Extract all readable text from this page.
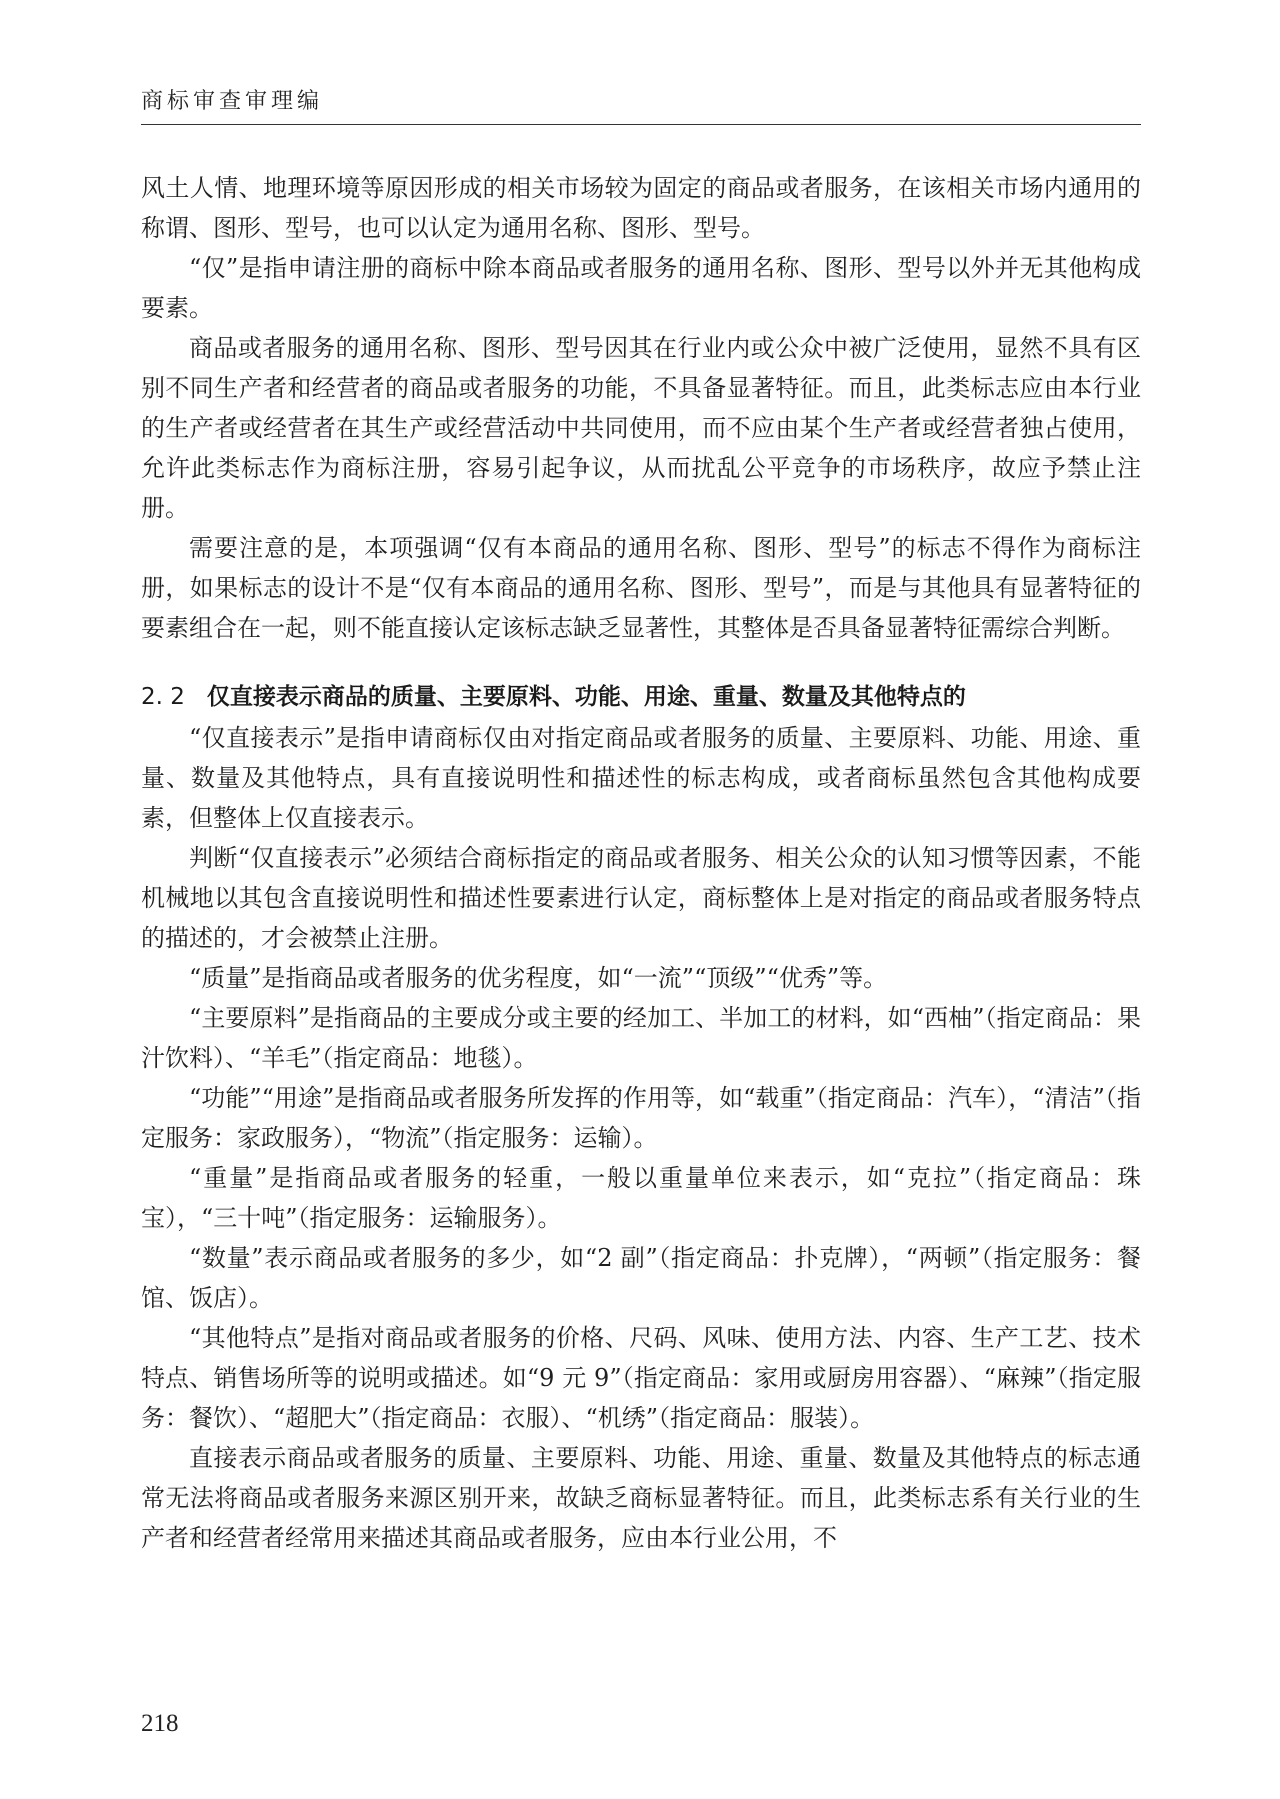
商标审查审理编

风土人情、地理环境等原因形成的相关市场较为固定的商品或者服务，在该相关市场内通用的称谓、图形、型号，也可以认定为通用名称、图形、型号。

“仅”是指申请注册的商标中除本商品或者服务的通用名称、图形、型号以外并无其他构成要素。

商品或者服务的通用名称、图形、型号因其在行业内或公众中被广泛使用，显然不具有区别不同生产者和经营者的商品或者服务的功能，不具备显著特征。而且，此类标志应由本行业的生产者或经营者在其生产或经营活动中共同使用，而不应由某个生产者或经营者独占使用，允许此类标志作为商标注册，容易引起争议，从而扰乱公平竞争的市场秩序，故应予禁止注册。

需要注意的是，本项强调“仅有本商品的通用名称、图形、型号”的标志不得作为商标注册，如果标志的设计不是“仅有本商品的通用名称、图形、型号”，而是与其他具有显著特征的要素组合在一起，则不能直接认定该标志缺乏显著性，其整体是否具备显著特征需综合判断。

2. 2 仅直接表示商品的质量、主要原料、功能、用途、重量、数量及其他特点的

“仅直接表示”是指申请商标仅由对指定商品或者服务的质量、主要原料、功能、用途、重量、数量及其他特点，具有直接说明性和描述性的标志构成，或者商标虽然包含其他构成要素，但整体上仅直接表示。

判断“仅直接表示”必须结合商标指定的商品或者服务、相关公众的认知习惯等因素，不能机械地以其包含直接说明性和描述性要素进行认定，商标整体上是对指定的商品或者服务特点的描述的，才会被禁止注册。

“质量”是指商品或者服务的优劣程度，如“一流”“顶级”“优秀”等。

“主要原料”是指商品的主要成分或主要的经加工、半加工的材料，如“西柚”（指定商品：果汁饮料）、“羊毛”（指定商品：地毯）。

“功能”“用途”是指商品或者服务所发挥的作用等，如“载重”（指定商品：汽车），“清洁”（指定服务：家政服务），“物流”（指定服务：运输）。

“重量”是指商品或者服务的轻重，一般以重量单位来表示，如“克拉”（指定商品：珠宝），“三十吨”（指定服务：运输服务）。

“数量”表示商品或者服务的多少，如“2 副”（指定商品：扑克牌），“两顿”（指定服务：餐馆、饭店）。

“其他特点”是指对商品或者服务的价格、尺码、风味、使用方法、内容、生产工艺、技术特点、销售场所等的说明或描述。如“9 元 9”（指定商品：家用或厨房用容器）、“麻辣”（指定服务：餐饮）、“超肥大”（指定商品：衣服）、“机绣”（指定商品：服装）。

直接表示商品或者服务的质量、主要原料、功能、用途、重量、数量及其他特点的标志通常无法将商品或者服务来源区别开来，故缺乏商标显著特征。而且，此类标志系有关行业的生产者和经营者经常用来描述其商品或者服务，应由本行业公用，不

218
